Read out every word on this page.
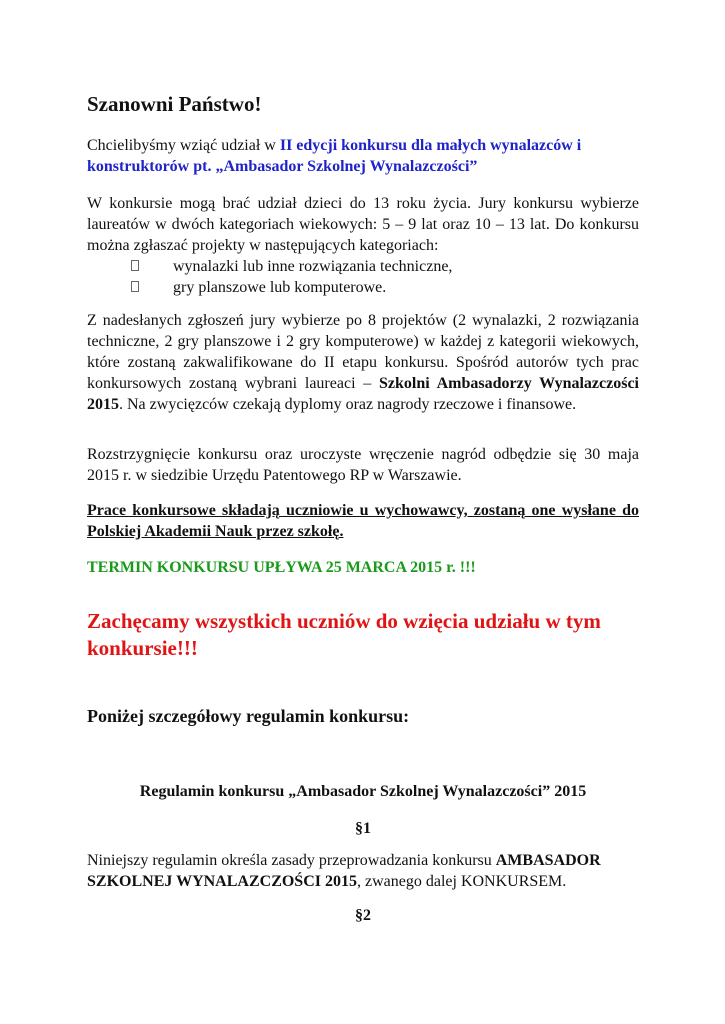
Szanowni Państwo!
Chcielibyśmy wziąć udział w II edycji konkursu dla małych wynalazców i konstruktorów pt. „Ambasador Szkolnej Wynalazczości”
W konkursie mogą brać udział dzieci do 13 roku życia. Jury konkursu wybierze laureatów w dwóch kategoriach wiekowych: 5 – 9 lat oraz 10 – 13 lat. Do konkursu można zgłaszać projekty w następujących kategoriach:
wynalazki lub inne rozwiązania techniczne,
gry planszowe lub komputerowe.
Z nadesłanych zgłoszeń jury wybierze po 8 projektów (2 wynalazki, 2 rozwiązania techniczne, 2 gry planszowe i 2 gry komputerowe) w każdej z kategorii wiekowych, które zostaną zakwalifikowane do II etapu konkursu. Spośród autorów tych prac konkursowych zostaną wybrani laureaci – Szkolni Ambasadorzy Wynalazczości 2015. Na zwycięzców czekają dyplomy oraz nagrody rzeczowe i finansowe.
Rozstrzygnięcie konkursu oraz uroczyste wręczenie nagród odbędzie się 30 maja 2015 r. w siedzibie Urzędu Patentowego RP w Warszawie.
Prace konkursowe składają uczniowie u wychowawcy, zostaną one wysłane do Polskiej Akademii Nauk przez szkołę.
TERMIN KONKURSU UPŁYWA 25 MARCA 2015 r. !!!
Zachęcamy wszystkich uczniów do wzięcia udziału w tym konkursie!!!
Poniżej szczegółowy regulamin konkursu:
Regulamin konkursu „Ambasador Szkolnej Wynalazczości” 2015
§1
Niniejszy regulamin określa zasady przeprowadzania konkursu AMBASADOR SZKOLNEJ WYNALAZCZOŚCI 2015, zwanego dalej KONKURSEM.
§2
